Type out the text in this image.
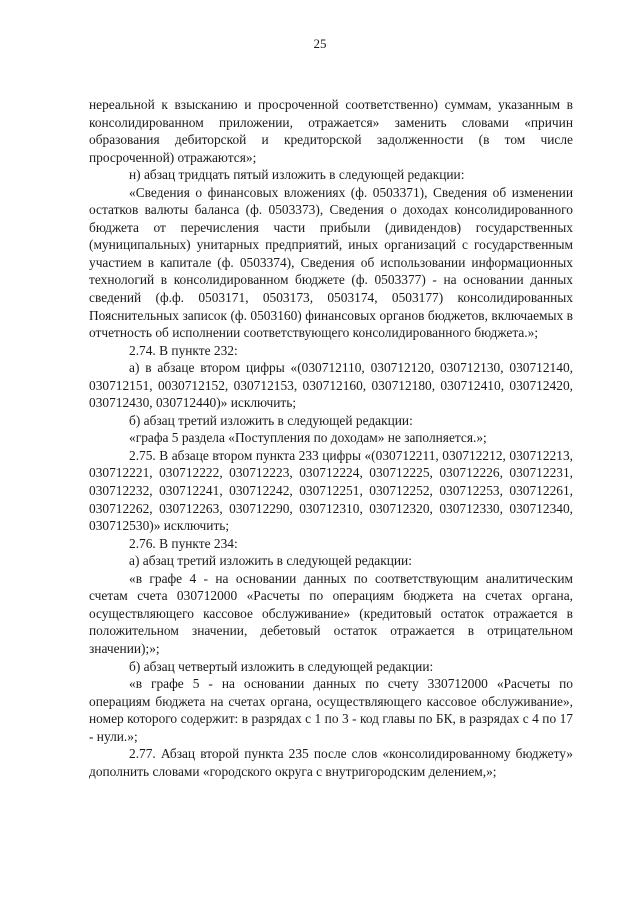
25

нереальной к взысканию и просроченной соответственно) суммам, указанным в консолидированном приложении, отражается» заменить словами «причин образования дебиторской и кредиторской задолженности (в том числе просроченной) отражаются»;

н) абзац тридцать пятый изложить в следующей редакции:

«Сведения о финансовых вложениях (ф. 0503371), Сведения об изменении остатков валюты баланса (ф. 0503373), Сведения о доходах консолидированного бюджета от перечисления части прибыли (дивидендов) государственных (муниципальных) унитарных предприятий, иных организаций с государственным участием в капитале (ф. 0503374), Сведения об использовании информационных технологий в консолидированном бюджете (ф. 0503377) - на основании данных сведений (ф.ф. 0503171, 0503173, 0503174, 0503177) консолидированных Пояснительных записок (ф. 0503160) финансовых органов бюджетов, включаемых в отчетность об исполнении соответствующего консолидированного бюджета.»;

2.74. В пункте 232:

а) в абзаце втором цифры «(030712110, 030712120, 030712130, 030712140, 030712151, 0030712152, 030712153, 030712160, 030712180, 030712410, 030712420, 030712430, 030712440)» исключить;

б) абзац третий изложить в следующей редакции:

«графа 5 раздела «Поступления по доходам» не заполняется.»;

2.75. В абзаце втором пункта 233 цифры «(030712211, 030712212, 030712213, 030712221, 030712222, 030712223, 030712224, 030712225, 030712226, 030712231, 030712232, 030712241, 030712242, 030712251, 030712252, 030712253, 030712261, 030712262, 030712263, 030712290, 030712310, 030712320, 030712330, 030712340, 030712530)» исключить;

2.76. В пункте 234:

а) абзац третий изложить в следующей редакции:

«в графе 4 - на основании данных по соответствующим аналитическим счетам счета 030712000 «Расчеты по операциям бюджета на счетах органа, осуществляющего кассовое обслуживание» (кредитовый остаток отражается в положительном значении, дебетовый остаток отражается в отрицательном значении);»;

б) абзац четвертый изложить в следующей редакции:

«в графе 5 - на основании данных по счету 330712000 «Расчеты по операциям бюджета на счетах органа, осуществляющего кассовое обслуживание», номер которого содержит: в разрядах с 1 по 3 - код главы по БК, в разрядах с 4 по 17 - нули.»;

2.77. Абзац второй пункта 235 после слов «консолидированному бюджету» дополнить словами «городского округа с внутригородским делением,»;
